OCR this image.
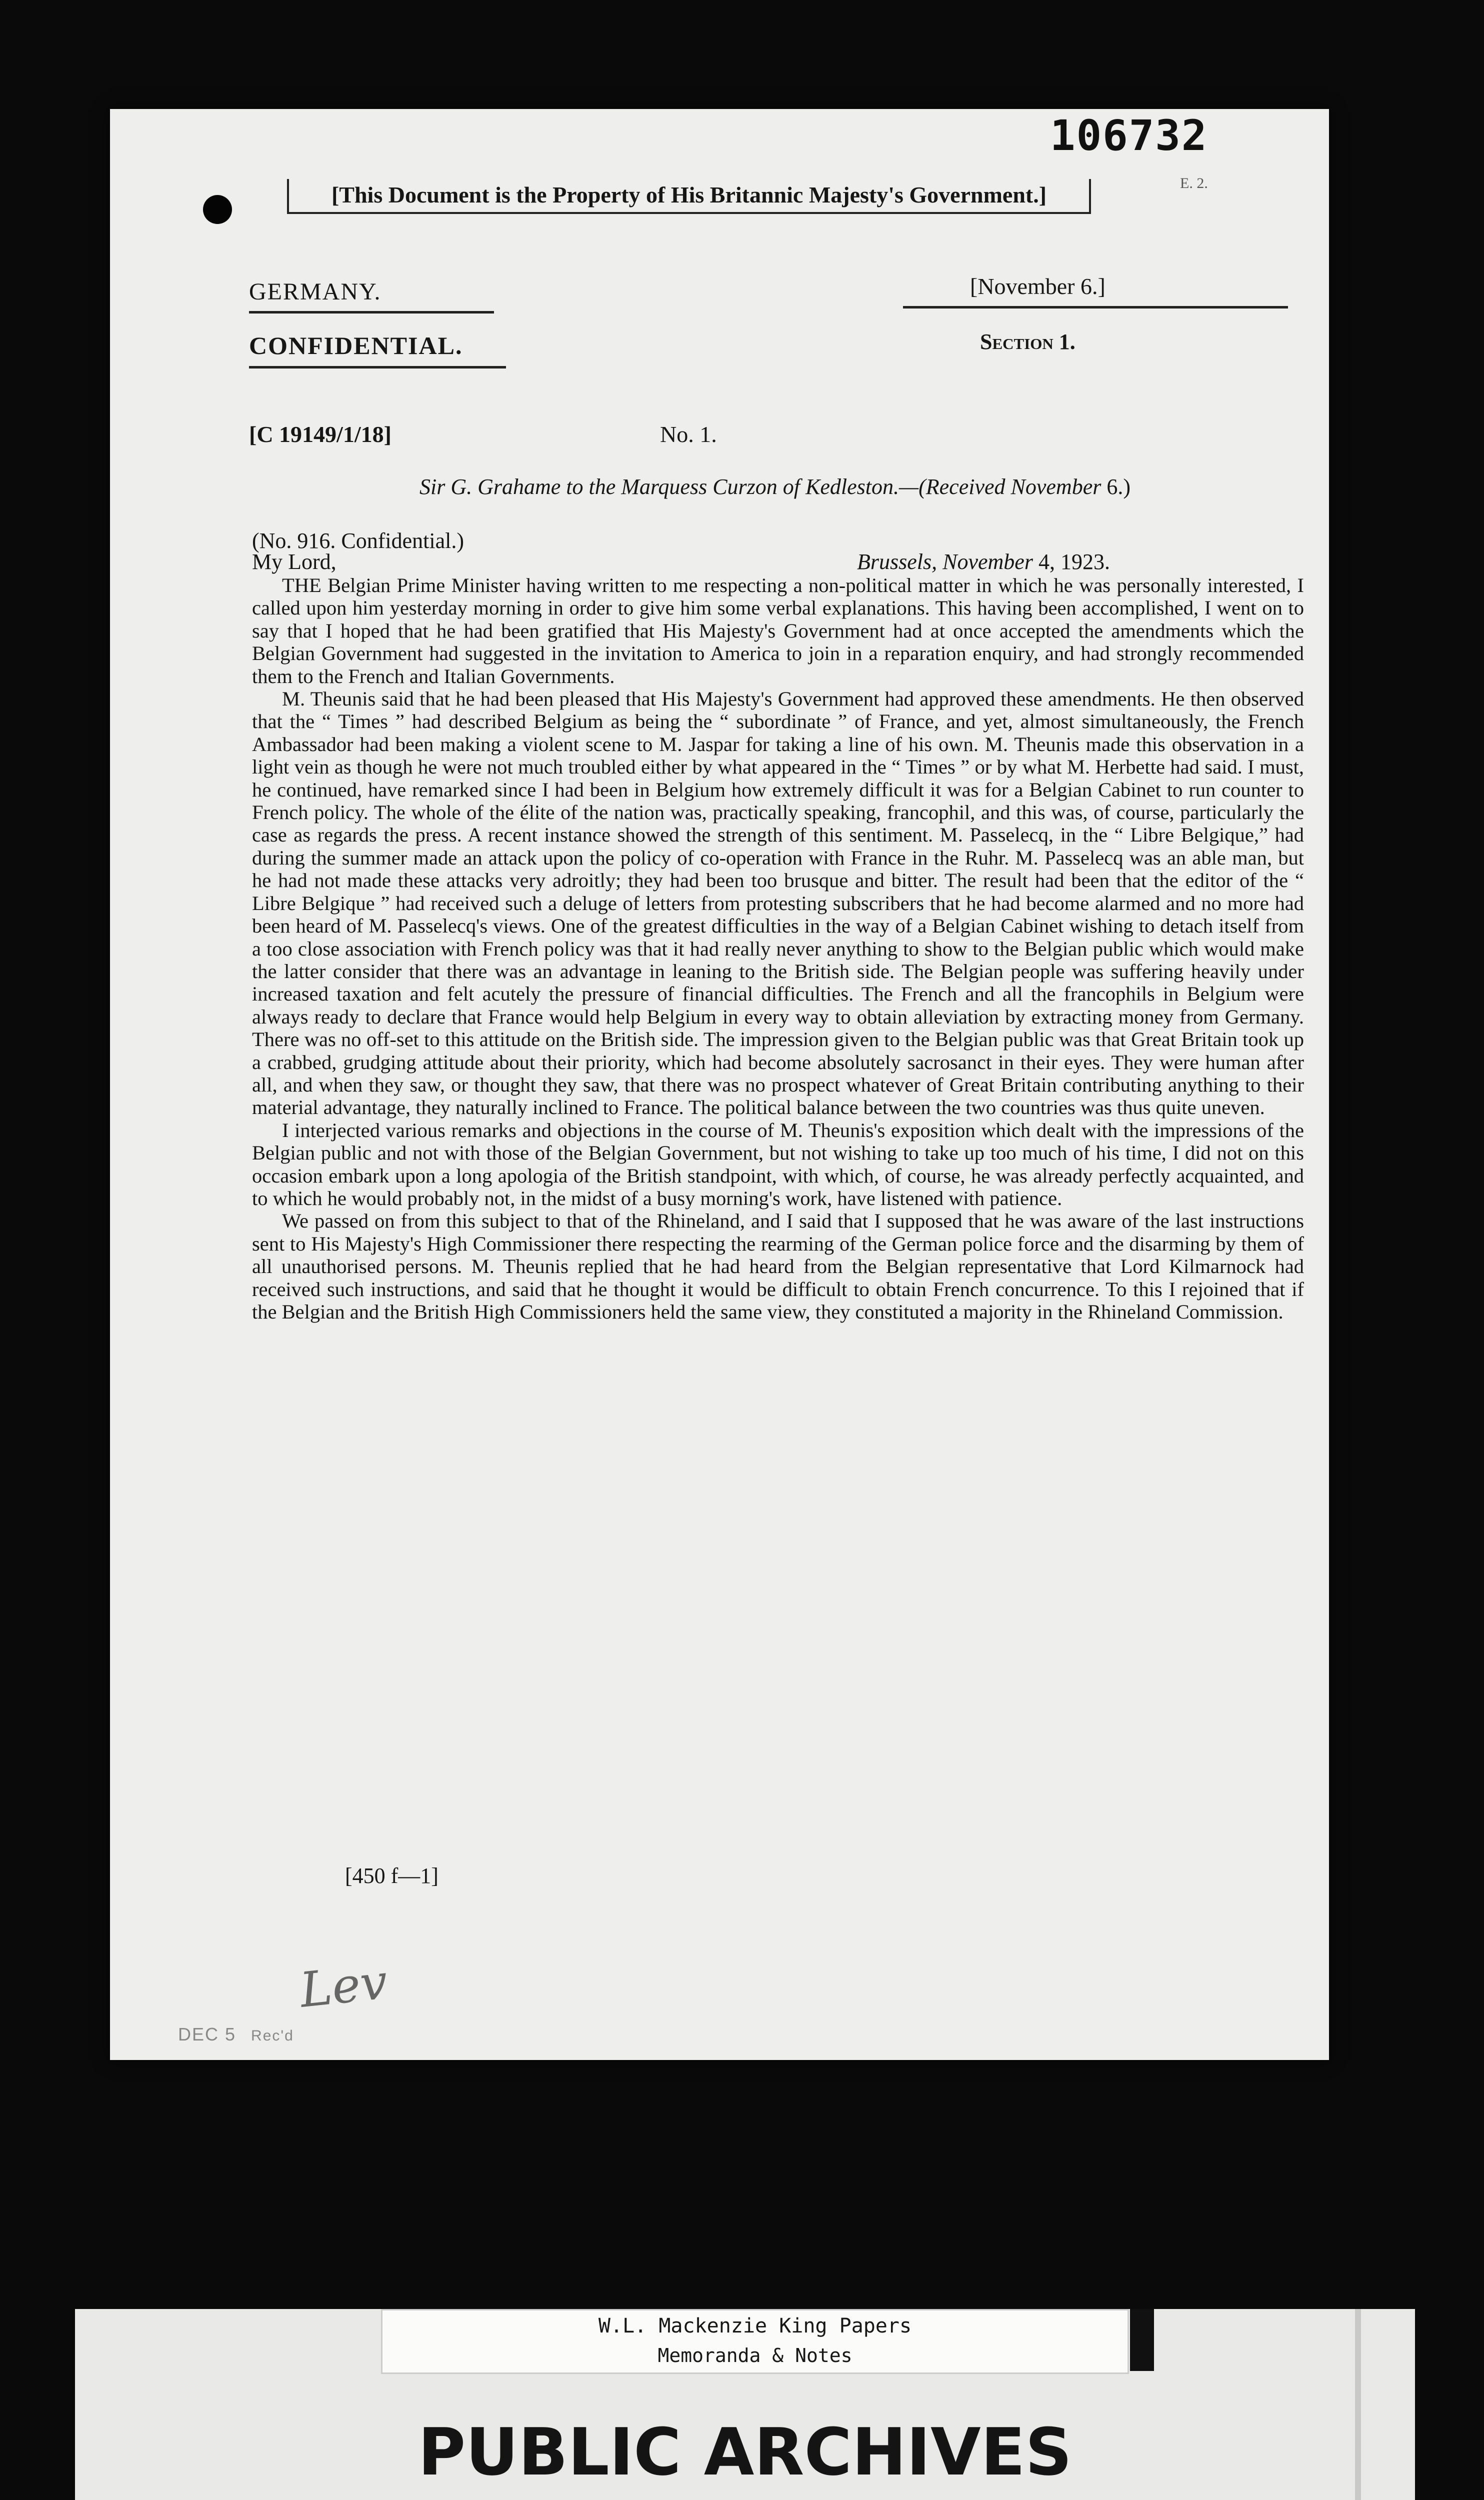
106732
E. 2.
[This Document is the Property of His Britannic Majesty's Government.]
GERMANY.	[November 6.]
CONFIDENTIAL.	Section 1.
[C 19149/1/18]	No. 1.
Sir G. Grahame to the Marquess Curzon of Kedleston.—(Received November 6.)
(No. 916. Confidential.)
My Lord,	Brussels, November 4, 1923.

THE Belgian Prime Minister having written to me respecting a non-political matter in which he was personally interested, I called upon him yesterday morning in order to give him some verbal explanations. This having been accomplished, I went on to say that I hoped that he had been gratified that His Majesty's Government had at once accepted the amendments which the Belgian Government had suggested in the invitation to America to join in a reparation enquiry, and had strongly recommended them to the French and Italian Governments.

M. Theunis said that he had been pleased that His Majesty's Government had approved these amendments. He then observed that the “ Times ” had described Belgium as being the “ subordinate ” of France, and yet, almost simultaneously, the French Ambassador had been making a violent scene to M. Jaspar for taking a line of his own. M. Theunis made this observation in a light vein as though he were not much troubled either by what appeared in the “ Times ” or by what M. Herbette had said. I must, he continued, have remarked since I had been in Belgium how extremely difficult it was for a Belgian Cabinet to run counter to French policy. The whole of the élite of the nation was, practically speaking, francophil, and this was, of course, particularly the case as regards the press. A recent instance showed the strength of this sentiment. M. Passelecq, in the “ Libre Belgique,” had during the summer made an attack upon the policy of co-operation with France in the Ruhr. M. Passelecq was an able man, but he had not made these attacks very adroitly; they had been too brusque and bitter. The result had been that the editor of the “ Libre Belgique ” had received such a deluge of letters from protesting subscribers that he had become alarmed and no more had been heard of M. Passelecq's views. One of the greatest difficulties in the way of a Belgian Cabinet wishing to detach itself from a too close association with French policy was that it had really never anything to show to the Belgian public which would make the latter consider that there was an advantage in leaning to the British side. The Belgian people was suffering heavily under increased taxation and felt acutely the pressure of financial difficulties. The French and all the francophils in Belgium were always ready to declare that France would help Belgium in every way to obtain alleviation by extracting money from Germany. There was no off-set to this attitude on the British side. The impression given to the Belgian public was that Great Britain took up a crabbed, grudging attitude about their priority, which had become absolutely sacrosanct in their eyes. They were human after all, and when they saw, or thought they saw, that there was no prospect whatever of Great Britain contributing anything to their material advantage, they naturally inclined to France. The political balance between the two countries was thus quite uneven.

I interjected various remarks and objections in the course of M. Theunis's exposition which dealt with the impressions of the Belgian public and not with those of the Belgian Government, but not wishing to take up too much of his time, I did not on this occasion embark upon a long apologia of the British standpoint, with which, of course, he was already perfectly acquainted, and to which he would probably not, in the midst of a busy morning's work, have listened with patience.

We passed on from this subject to that of the Rhineland, and I said that I supposed that he was aware of the last instructions sent to His Majesty's High Commissioner there respecting the rearming of the German police force and the disarming by them of all unauthorised persons. M. Theunis replied that he had heard from the Belgian representative that Lord Kilmarnock had received such instructions, and said that he thought it would be difficult to obtain French concurrence. To this I rejoined that if the Belgian and the British High Commissioners held the same view, they constituted a majority in the Rhineland Commission.

[450 f—1]
Lev
DEC 5 Rec'd
W.L. Mackenzie King Papers
Memoranda & Notes
PUBLIC ARCHIVES
